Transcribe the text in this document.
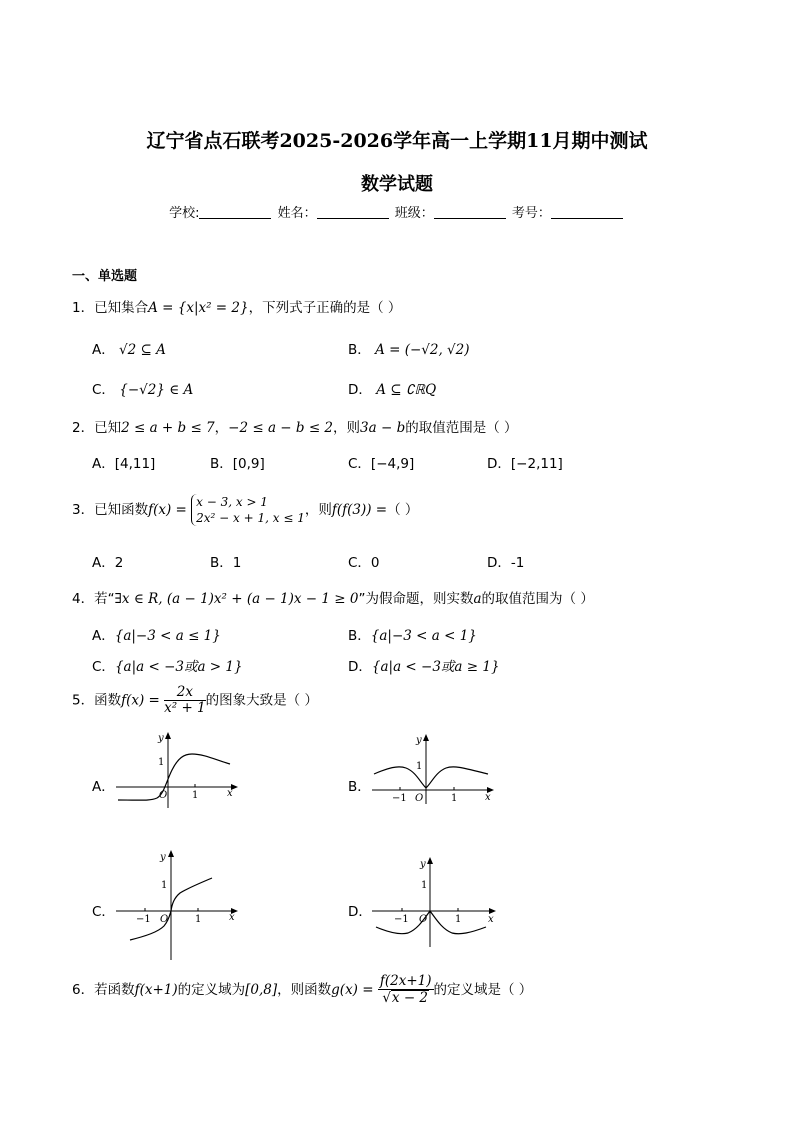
辽宁省点石联考2025-2026学年高一上学期11月期中测试
数学试题
学校:	姓名：	班级：	考号：
一、单选题
1．已知集合A = {x|x² = 2}，下列式子正确的是（ ）
A． √2 ⊆ A	B． A = (−√2, √2)
C． {−√2} ∈ A	D． A ⊆ ∁ℝQ
2．已知2 ≤ a + b ≤ 7，−2 ≤ a − b ≤ 2，则3a − b的取值范围是（ ）
A．[4,11]	B．[0,9]	C．[−4,9]	D．[−2,11]
3．已知函数f(x) = x − 3, x > 1
2x² − x + 1, x ≤ 1 ，则f(f(3)) =（ ）
A．2	B．1	C．0	D．-1
4．若“∃x ∈ R, (a − 1)x² + (a − 1)x − 1 ≥ 0”为假命题，则实数a的取值范围为（ ）
A．{a|−3 < a ≤ 1}	B．{a|−3 < a < 1}
C．{a|a < −3或a > 1}	D．{a|a < −3或a ≥ 1}
5．函数$f(x) = \frac{2x}{\text{x² + 1}}$ 的图象大致是（ ）
A．	B．
C．	D．
y
1
O 1	x
y
1
−1 O	1	x
y
1
−1 O	1	x
y
1
−1 O	1	x
6．若函数f(x+1)的定义域为[0,8]，则函数$g(x) = \frac{f(2x+1)}{√x - 2}$ 的定义域是（ ）
